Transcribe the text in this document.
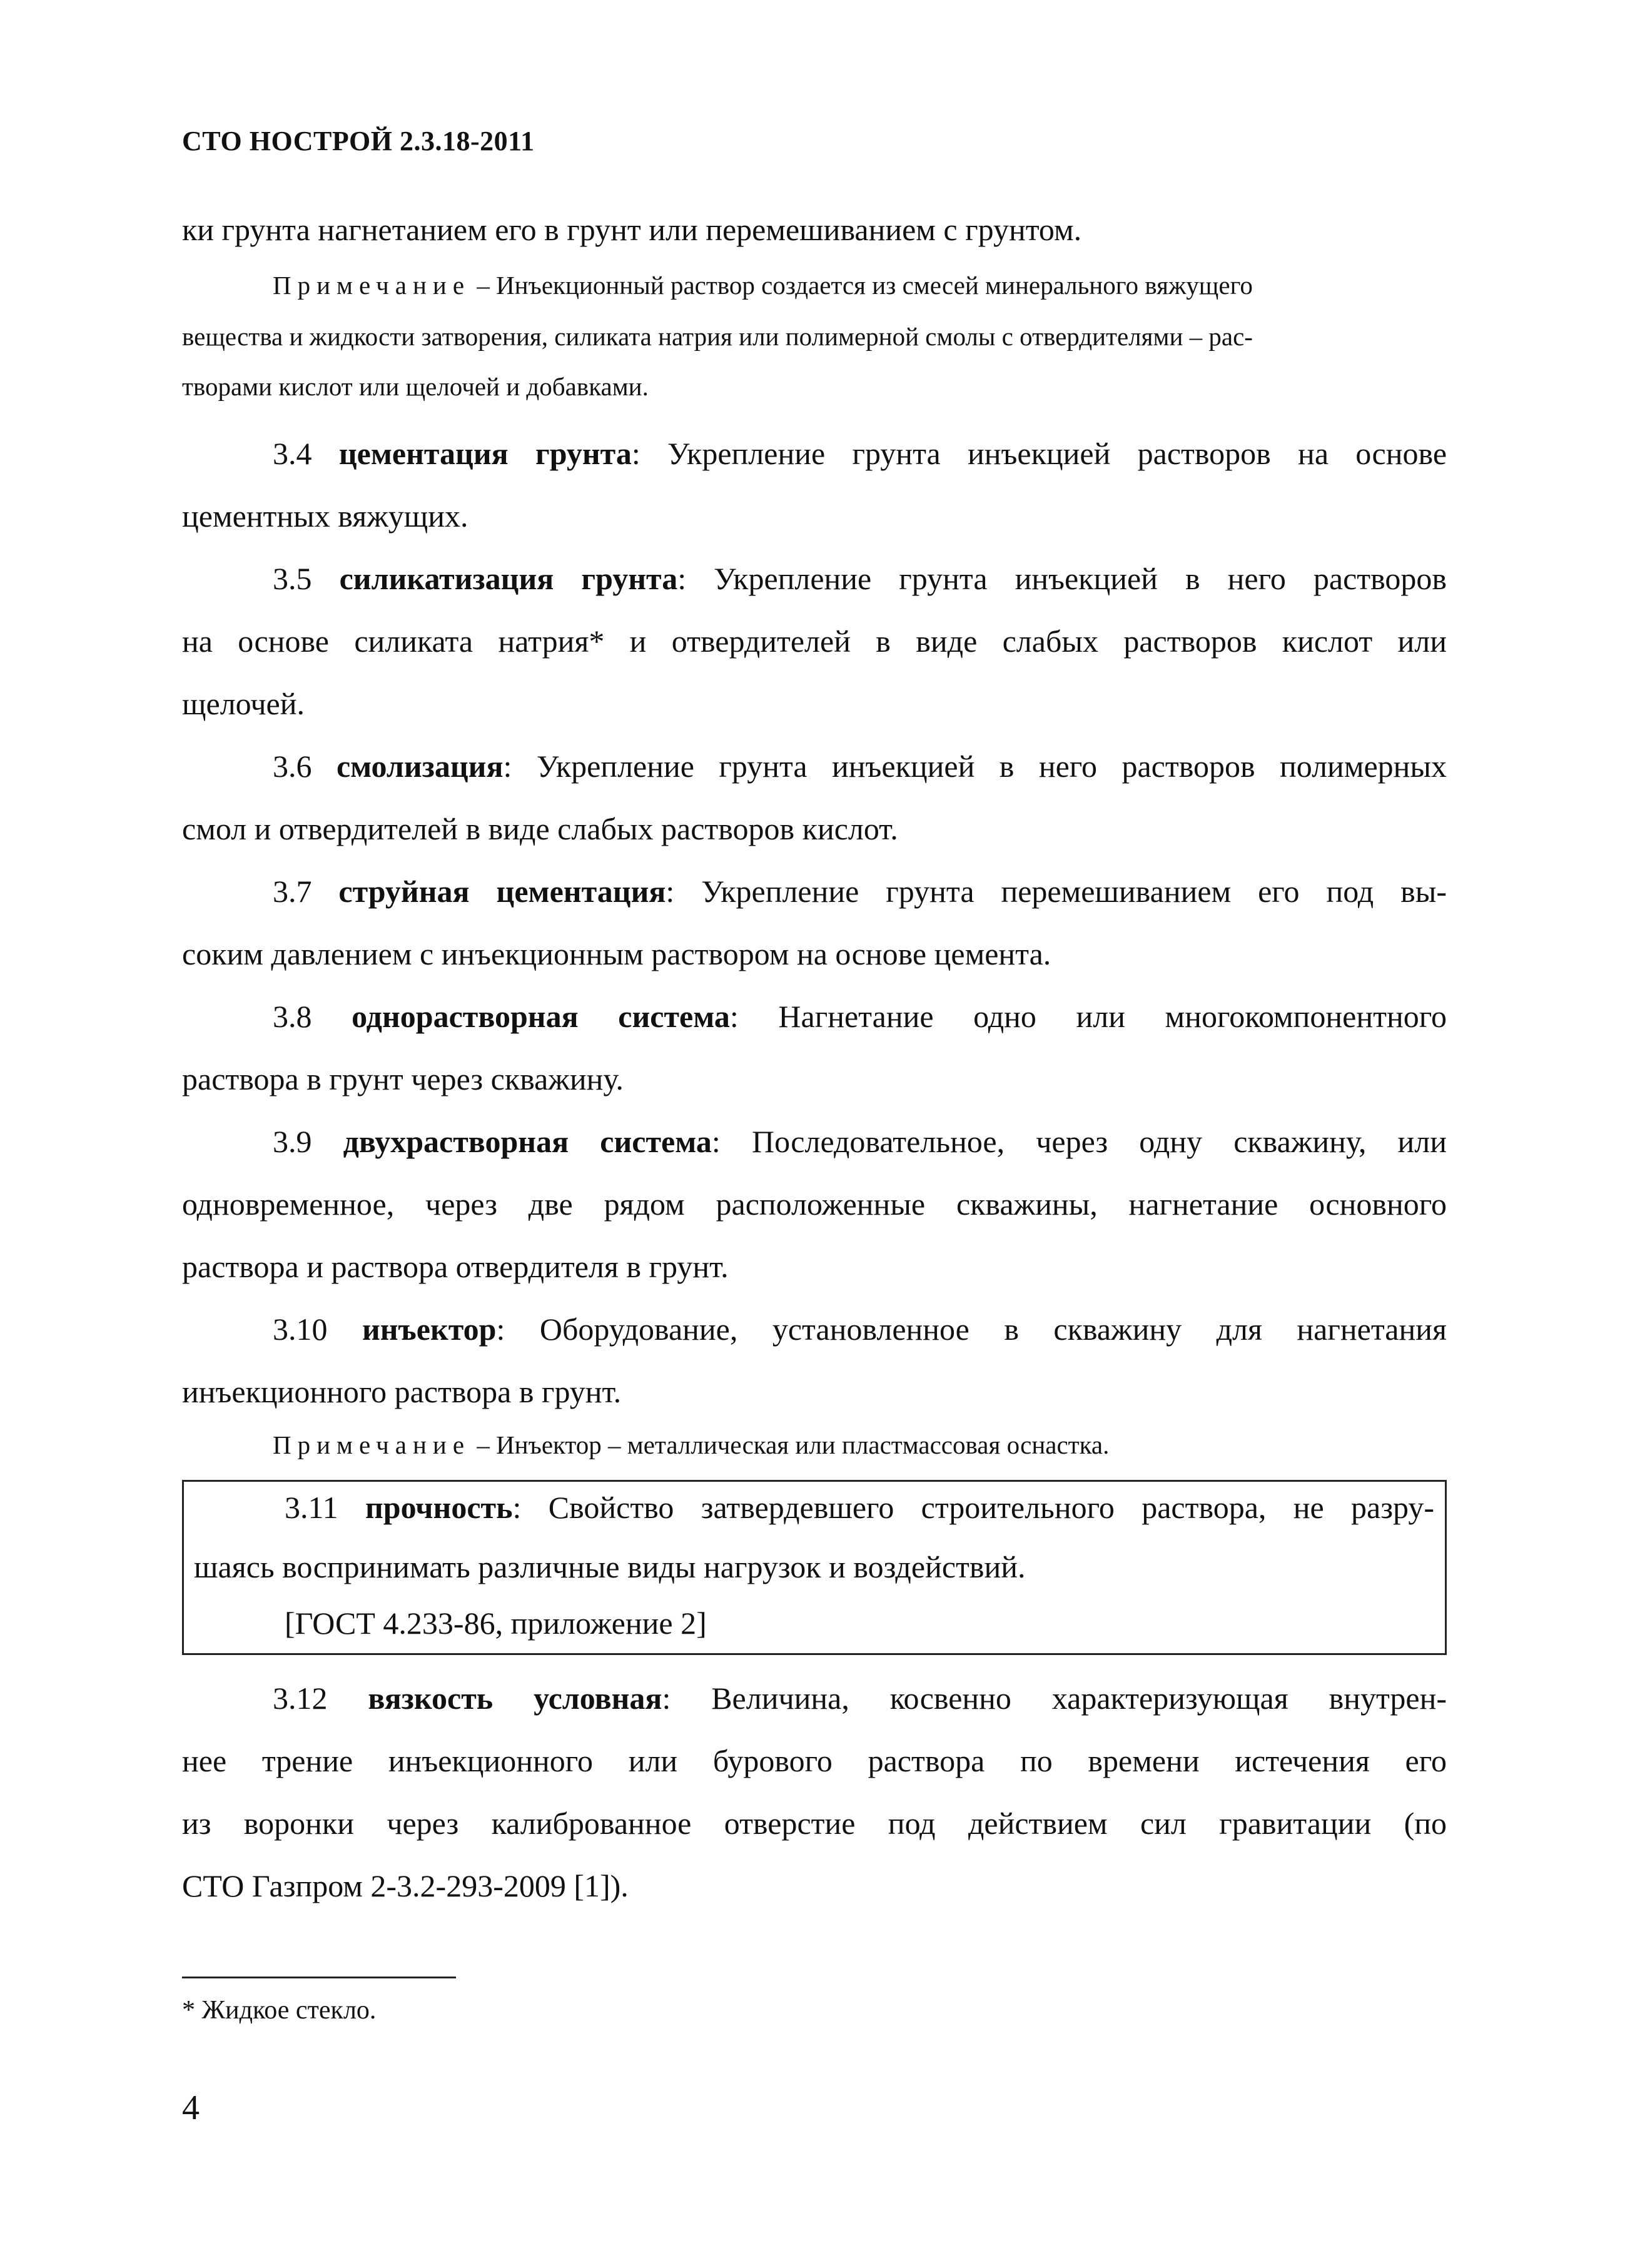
СТО НОСТРОЙ 2.3.18-2011
ки грунта нагнетанием его в грунт или перемешиванием с грунтом.
Примечание – Инъекционный раствор создается из смесей минерального вяжущего
вещества и жидкости затворения, силиката натрия или полимерной смолы с отвердителями – рас-
творами кислот или щелочей и добавками.
3.4 цементация грунта: Укрепление грунта инъекцией растворов на основе
цементных вяжущих.
3.5 силикатизация грунта: Укрепление грунта инъекцией в него растворов
на основе силиката натрия* и отвердителей в виде слабых растворов кислот или
щелочей.
3.6 смолизация: Укрепление грунта инъекцией в него растворов полимерных
смол и отвердителей в виде слабых растворов кислот.
3.7 струйная цементация: Укрепление грунта перемешиванием его под вы-
соким давлением с инъекционным раствором на основе цемента.
3.8 однорастворная система: Нагнетание одно или многокомпонентного
раствора в грунт через скважину.
3.9 двухрастворная система: Последовательное, через одну скважину, или
одновременное, через две рядом расположенные скважины, нагнетание основного
раствора и раствора отвердителя в грунт.
3.10 инъектор: Оборудование, установленное в скважину для нагнетания
инъекционного раствора в грунт.
Примечание – Инъектор – металлическая или пластмассовая оснастка.
3.11 прочность: Свойство затвердевшего строительного раствора, не разру-
шаясь воспринимать различные виды нагрузок и воздействий.
[ГОСТ 4.233-86, приложение 2]
3.12 вязкость условная: Величина, косвенно характеризующая внутрен-
нее трение инъекционного или бурового раствора по времени истечения его
из воронки через калиброванное отверстие под действием сил гравитации (по
СТО Газпром 2-3.2-293-2009 [1]).
* Жидкое стекло.
4
